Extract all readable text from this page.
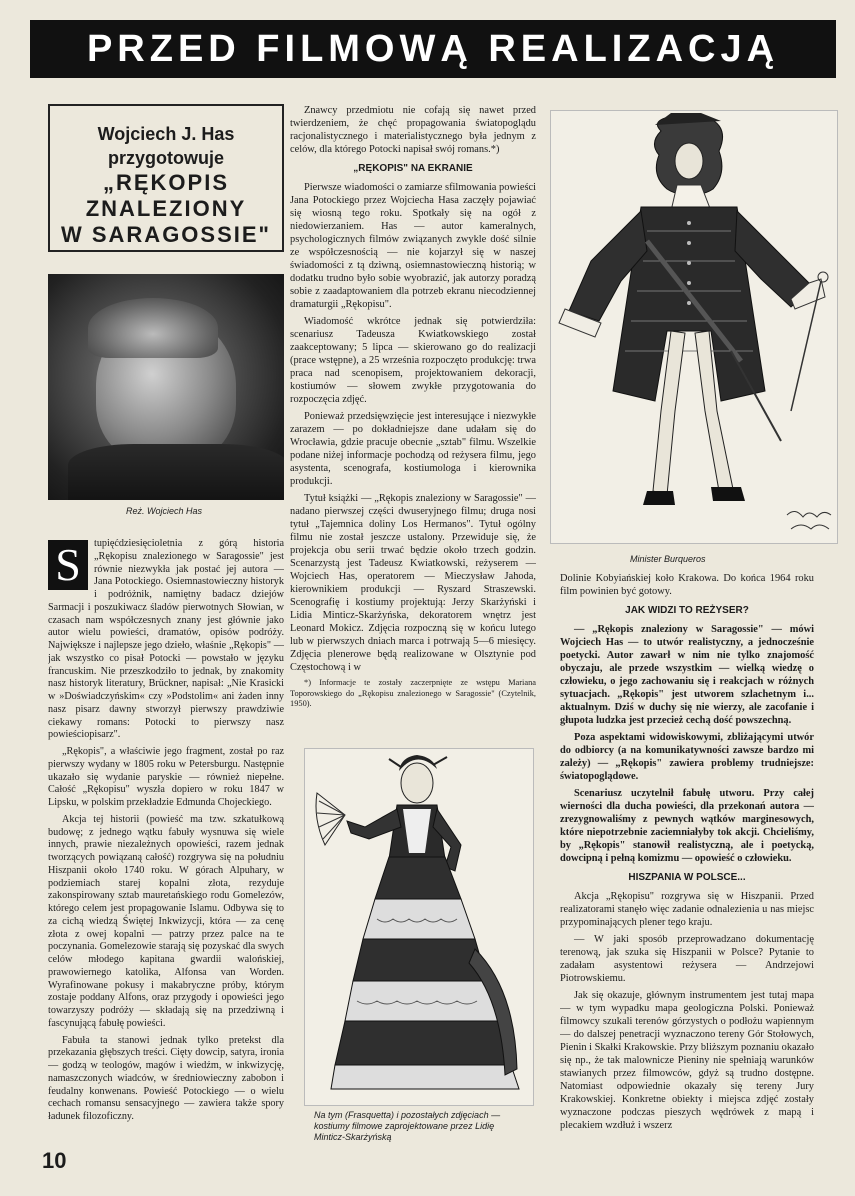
PRZED FILMOWĄ REALIZACJĄ
Wojciech J. Has
przygotowuje
„RĘKOPIS
ZNALEZIONY
W SARAGOSSIE"
Reż. Wojciech Has

S	tupięćdziesięcioletnia z górą historia „Rękopisu znalezionego w Saragossie" jest równie niezwykła jak postać jej autora — Jana Potockiego. Osiemnastowieczny historyk i podróżnik, namiętny badacz dziejów Sarmacji i poszukiwacz śladów pierwotnych Słowian, w czasach nam współczesnych znany jest głównie jako autor wielu powieści, dramatów, opisów podróży. Największe i najlepsze jego dzieło, właśnie „Rękopis" — jak wszystko co pisał Potocki — powstało w języku francuskim. Nie przeszkodziło to jednak, by znakomity nasz historyk literatury, Brückner, napisał: „Nie Krasicki w »Doświadczyńskim« czy »Podstolim« ani żaden inny nasz pisarz dawny stworzył pierwszy prawdziwie ciekawy romans: Potocki to pierwszy nasz powieściopisarz".

„Rękopis", a właściwie jego fragment, został po raz pierwszy wydany w 1805 roku w Petersburgu. Następnie ukazało się wydanie paryskie — również niepełne. Całość „Rękopisu" wyszła dopiero w roku 1847 w Lipsku, w polskim przekładzie Edmunda Chojeckiego.

Akcja tej historii (powieść ma tzw. szkatułkową budowę; z jednego wątku fabuły wysnuwa się wiele innych, prawie niezależnych opowieści, razem jednak tworzących powiązaną całość) rozgrywa się na południu Hiszpanii około 1740 roku. W górach Alpuhary, w podziemiach starej kopalni złota, rezyduje zakonspirowany sztab mauretańskiego rodu Gomelezów, którego celem jest propagowanie Islamu. Odbywa się to za cichą wiedzą Świętej Inkwizycji, która — za cenę złota z owej kopalni — patrzy przez palce na te poczynania. Gomelezowie starają się pozyskać dla swych celów młodego kapitana gwardii walońskiej, prawowiernego katolika, Alfonsa van Worden. Wyrafinowane pokusy i makabryczne próby, którym zostaje poddany Alfons, oraz przygody i opowieści jego towarzyszy podróży — składają się na przedziwną i fascynującą fabułę powieści.

Fabuła ta stanowi jednak tylko pretekst dla przekazania głębszych treści. Cięty dowcip, satyra, ironia — godzą w teologów, magów i wiedźm, w inkwizycję, namaszczonych wiadców, w średniowieczny zabobon i feudalny konwenans. Powieść Potockiego — o wielu cechach romansu sensacyjnego — zawiera także spory ładunek filozoficzny.

Znawcy przedmiotu nie cofają się nawet przed twierdzeniem, że chęć propagowania światopoglądu racjonalistycznego i materialistycznego była jednym z celów, dla którego Potocki napisał swój romans.*)

„RĘKOPIS" NA EKRANIE

Pierwsze wiadomości o zamiarze sfilmowania powieści Jana Potockiego przez Wojciecha Hasa zaczęły pojawiać się wiosną tego roku. Spotkały się na ogół z niedowierzaniem. Has — autor kameralnych, psychologicznych filmów związanych zwykle dość silnie ze współczesnością — nie kojarzył się w naszej świadomości z tą dziwną, osiemnastowieczną historią; w dodatku trudno było sobie wyobrazić, jak autorzy poradzą sobie z zaadaptowaniem dla potrzeb ekranu niecodziennej dramaturgii „Rękopisu".

Wiadomość wkrótce jednak się potwierdziła: scenariusz Tadeusza Kwiatkowskiego został zaakceptowany; 5 lipca — skierowano go do realizacji (prace wstępne), a 25 września rozpoczęto produkcję: trwa praca nad scenopisem, projektowaniem dekoracji, kostiumów — słowem zwykłe przygotowania do rozpoczęcia zdjęć.

Ponieważ przedsięwzięcie jest interesujące i niezwykłe zarazem — po dokładniejsze dane udałam się do Wrocławia, gdzie pracuje obecnie „sztab" filmu. Wszelkie podane niżej informacje pochodzą od reżysera filmu, jego asystenta, scenografa, kostiumologa i kierownika produkcji.

Tytuł książki — „Rękopis znaleziony w Saragossie" — nadano pierwszej części dwuseryjnego filmu; druga nosi tytuł „Tajemnica doliny Los Hermanos". Tytuł ogólny filmu nie został jeszcze ustalony. Przewiduje się, że projekcja obu serii trwać będzie około trzech godzin. Scenarzystą jest Tadeusz Kwiatkowski, reżyserem — Wojciech Has, operatorem — Mieczysław Jahoda, kierownikiem produkcji — Ryszard Straszewski. Scenografię i kostiumy projektują: Jerzy Skarżyński i Lidia Minticz-Skarżyńska, dekoratorem wnętrz jest Leonard Mokicz. Zdjęcia rozpoczną się w końcu lutego lub w pierwszych dniach marca i potrwają 5—6 miesięcy. Zdjęcia plenerowe będą realizowane w Olsztynie pod Częstochową i w

*) Informacje te zostały zaczerpnięte ze wstępu Mariana Toporowskiego do „Rękopisu znalezionego w Saragossie" (Czytelnik, 1950).

Minister Burqueros
Na tym (Frasquetta) i pozostałych zdjęciach — kostiumy filmowe zaprojektowane przez Lidię Minticz-Skarżyńską

Dolinie Kobyiańskiej koło Krakowa. Do końca 1964 roku film powinien być gotowy.

JAK WIDZI TO REŻYSER?

— „Rękopis znaleziony w Saragossie" — mówi Wojciech Has — to utwór realistyczny, a jednocześnie poetycki. Autor zawarł w nim nie tylko znajomość obyczaju, ale przede wszystkim — wielką wiedzę o człowieku, o jego zachowaniu się i reakcjach w różnych sytuacjach. „Rękopis" jest utworem szlachetnym i... aktualnym. Dziś w duchy się nie wierzy, ale zacofanie i głupota ludzka jest przecież cechą dość powszechną.

Poza aspektami widowiskowymi, zbliżającymi utwór do odbiorcy (a na komunikatywności zawsze bardzo mi zależy) — „Rękopis" zawiera problemy trudniejsze: światopoglądowe.

Scenariusz uczytelnił fabułę utworu. Przy całej wierności dla ducha powieści, dla przekonań autora — zrezygnowaliśmy z pewnych wątków marginesowych, które niepotrzebnie zaciemniałyby tok akcji. Chcieliśmy, by „Rękopis" stanowił realistyczną, ale i poetycką, dowcipną i pełną komizmu — opowieść o człowieku.

HISZPANIA W POLSCE...

Akcja „Rękopisu" rozgrywa się w Hiszpanii. Przed realizatorami stanęło więc zadanie odnalezienia u nas miejsc przypominających plener tego kraju.

— W jaki sposób przeprowadzano dokumentację terenową, jak szuka się Hiszpanii w Polsce? Pytanie to zadałam asystentowi reżysera — Andrzejowi Piotrowskiemu.

Jak się okazuje, głównym instrumentem jest tutaj mapa — w tym wypadku mapa geologiczna Polski. Ponieważ filmowcy szukali terenów górzystych o podłożu wapiennym — do dalszej penetracji wyznaczono tereny Gór Stołowych, Pienin i Skałki Krakowskie. Przy bliższym poznaniu okazało się np., że tak malownicze Pieniny nie spełniają warunków stawianych przez filmowców, gdyż są trudno dostępne. Natomiast odpowiednie okazały się tereny Jury Krakowskiej. Konkretne obiekty i miejsca zdjęć zostały wyznaczone podczas pieszych wędrówek z mapą i plecakiem wzdłuż i wszerz

10
